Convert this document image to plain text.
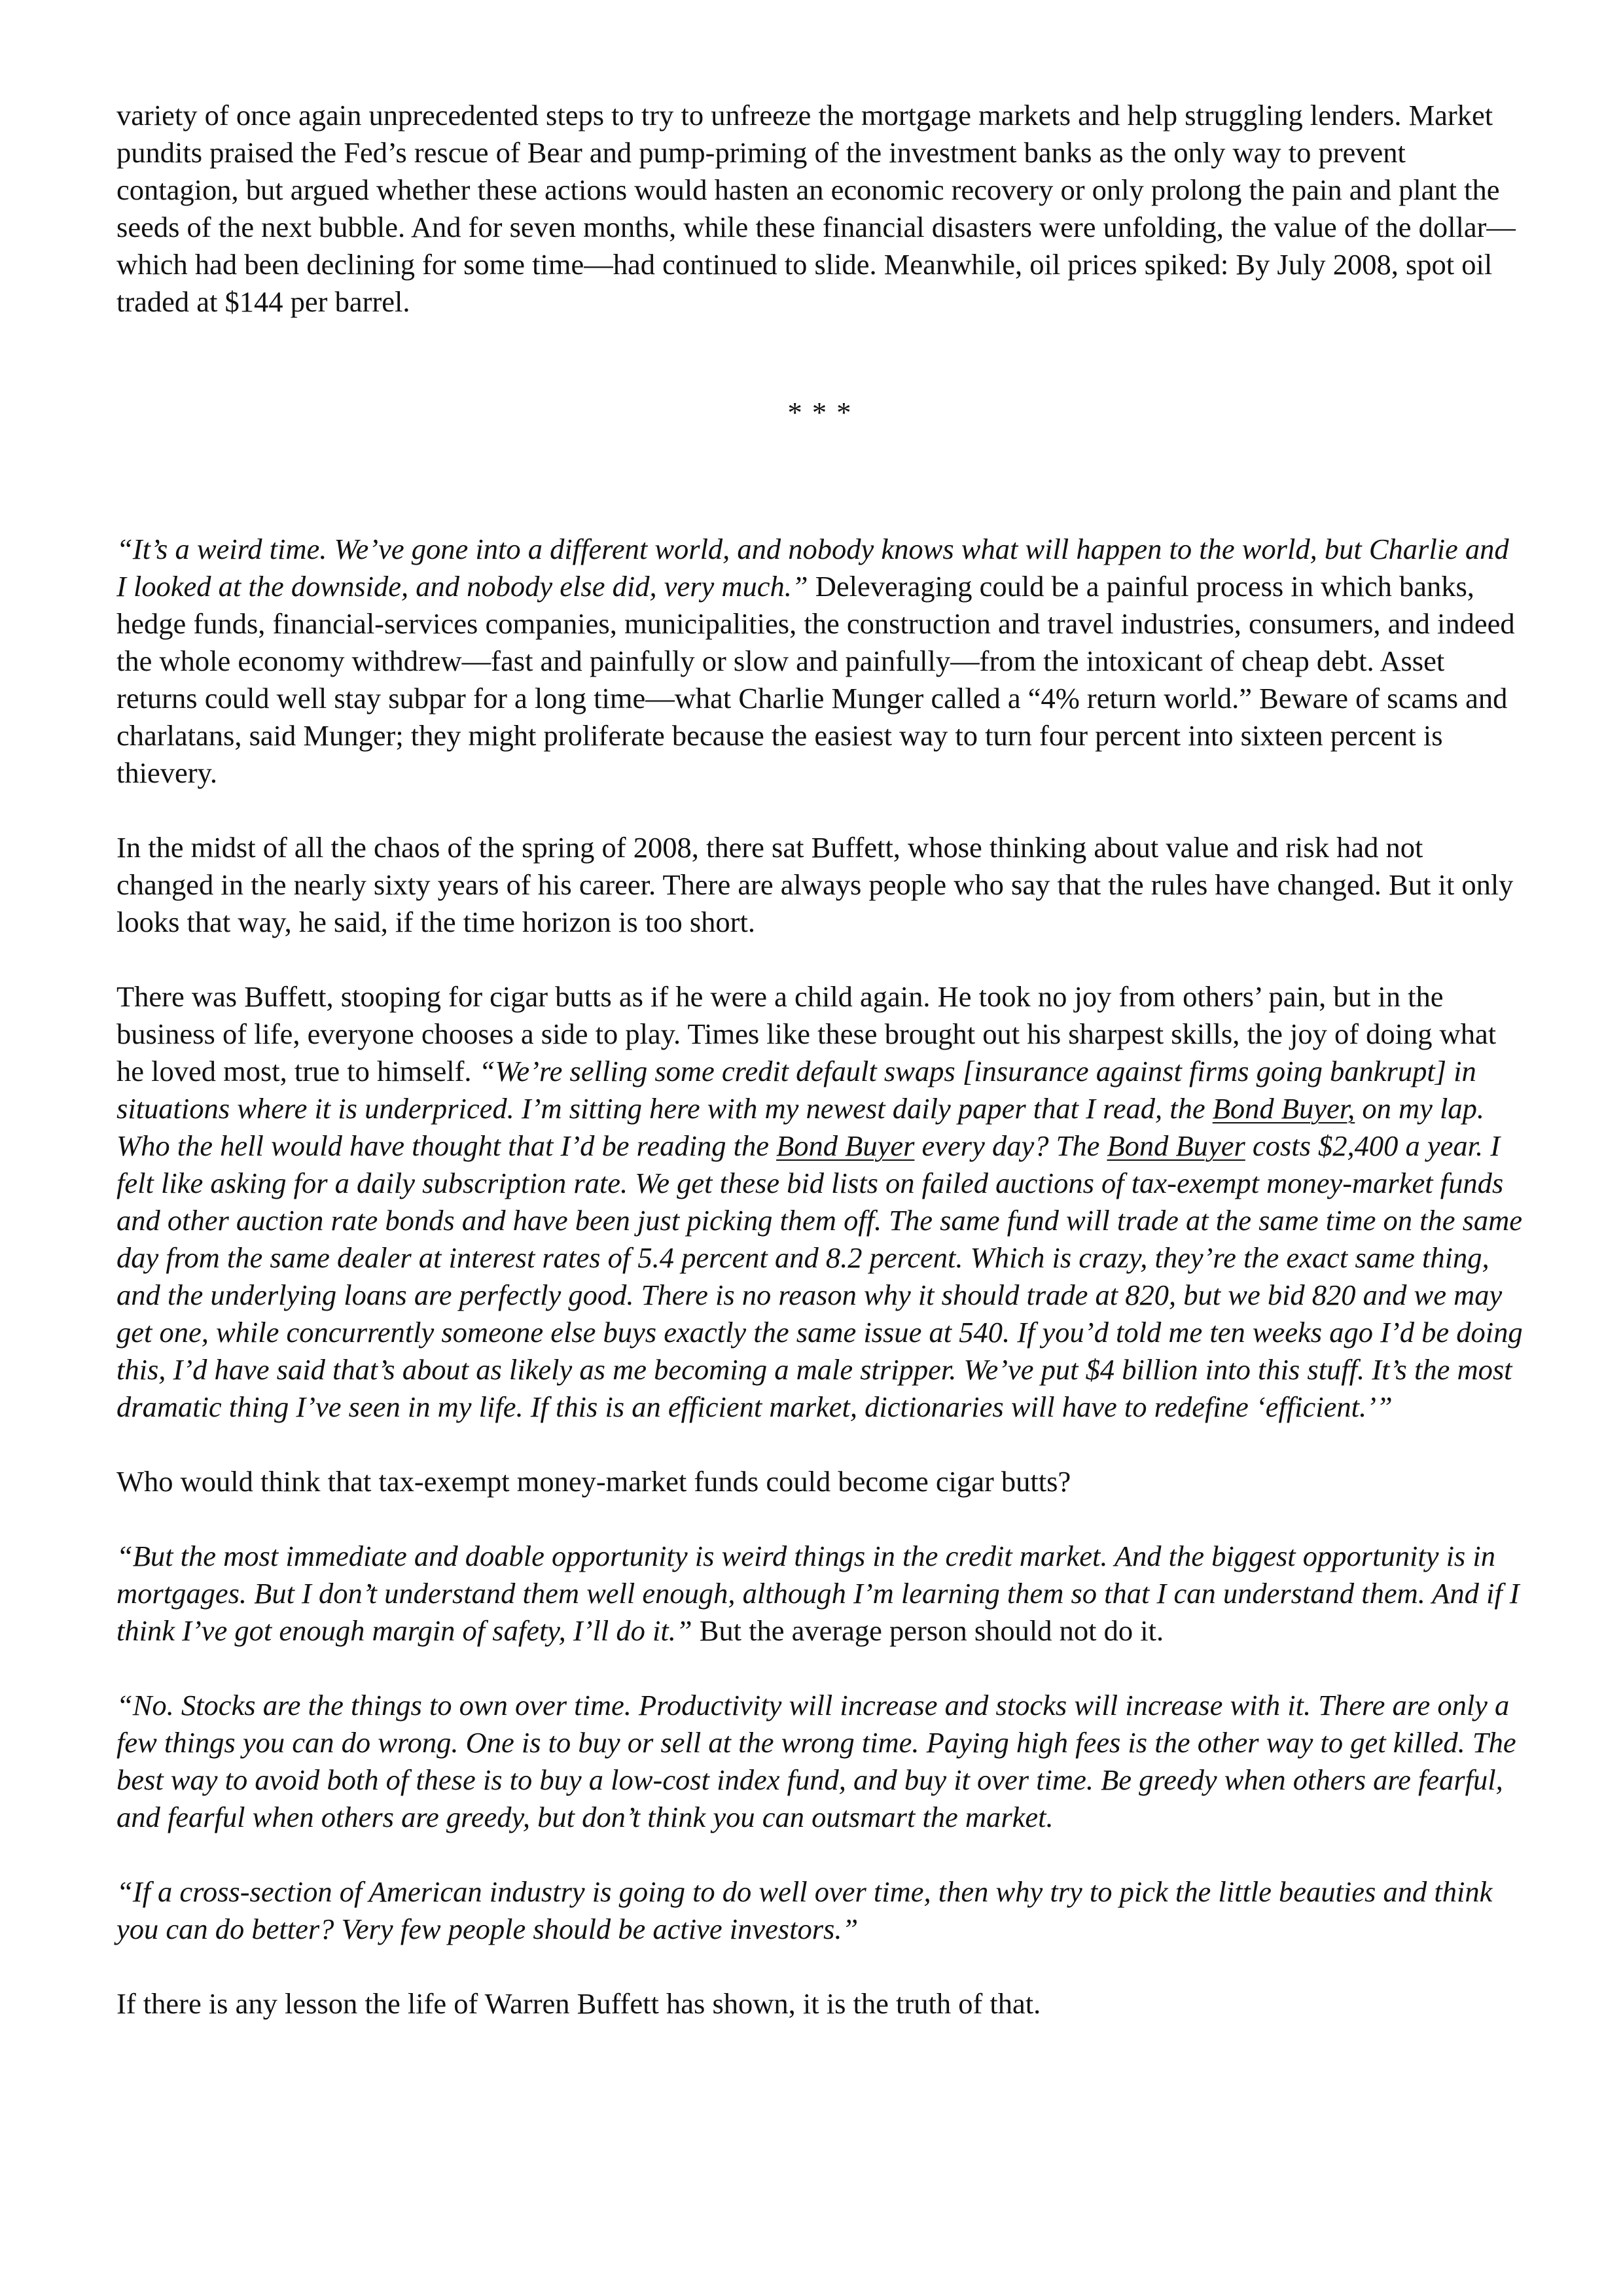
variety of once again unprecedented steps to try to unfreeze the mortgage markets and help struggling lenders. Market pundits praised the Fed’s rescue of Bear and pump-priming of the investment banks as the only way to prevent contagion, but argued whether these actions would hasten an economic recovery or only prolong the pain and plant the seeds of the next bubble. And for seven months, while these financial disasters were unfolding, the value of the dollar—which had been declining for some time—had continued to slide. Meanwhile, oil prices spiked: By July 2008, spot oil traded at $144 per barrel.

* * *

“It’s a weird time. We’ve gone into a different world, and nobody knows what will happen to the world, but Charlie and I looked at the downside, and nobody else did, very much.” Deleveraging could be a painful process in which banks, hedge funds, financial-services companies, municipalities, the construction and travel industries, consumers, and indeed the whole economy withdrew—fast and painfully or slow and painfully—from the intoxicant of cheap debt. Asset returns could well stay subpar for a long time—what Charlie Munger called a “4% return world.” Beware of scams and charlatans, said Munger; they might proliferate because the easiest way to turn four percent into sixteen percent is thievery.

In the midst of all the chaos of the spring of 2008, there sat Buffett, whose thinking about value and risk had not changed in the nearly sixty years of his career. There are always people who say that the rules have changed. But it only looks that way, he said, if the time horizon is too short.

There was Buffett, stooping for cigar butts as if he were a child again. He took no joy from others’ pain, but in the business of life, everyone chooses a side to play. Times like these brought out his sharpest skills, the joy of doing what he loved most, true to himself. “We’re selling some credit default swaps [insurance against firms going bankrupt] in situations where it is underpriced. I’m sitting here with my newest daily paper that I read, the Bond Buyer, on my lap. Who the hell would have thought that I’d be reading the Bond Buyer every day? The Bond Buyer costs $2,400 a year. I felt like asking for a daily subscription rate. We get these bid lists on failed auctions of tax-exempt money-market funds and other auction rate bonds and have been just picking them off. The same fund will trade at the same time on the same day from the same dealer at interest rates of 5.4 percent and 8.2 percent. Which is crazy, they’re the exact same thing, and the underlying loans are perfectly good. There is no reason why it should trade at 820, but we bid 820 and we may get one, while concurrently someone else buys exactly the same issue at 540. If you’d told me ten weeks ago I’d be doing this, I’d have said that’s about as likely as me becoming a male stripper. We’ve put $4 billion into this stuff. It’s the most dramatic thing I’ve seen in my life. If this is an efficient market, dictionaries will have to redefine ‘efficient.’”

Who would think that tax-exempt money-market funds could become cigar butts?

“But the most immediate and doable opportunity is weird things in the credit market. And the biggest opportunity is in mortgages. But I don’t understand them well enough, although I’m learning them so that I can understand them. And if I think I’ve got enough margin of safety, I’ll do it.” But the average person should not do it.

“No. Stocks are the things to own over time. Productivity will increase and stocks will increase with it. There are only a few things you can do wrong. One is to buy or sell at the wrong time. Paying high fees is the other way to get killed. The best way to avoid both of these is to buy a low-cost index fund, and buy it over time. Be greedy when others are fearful, and fearful when others are greedy, but don’t think you can outsmart the market.

“If a cross-section of American industry is going to do well over time, then why try to pick the little beauties and think you can do better? Very few people should be active investors.”

If there is any lesson the life of Warren Buffett has shown, it is the truth of that.
